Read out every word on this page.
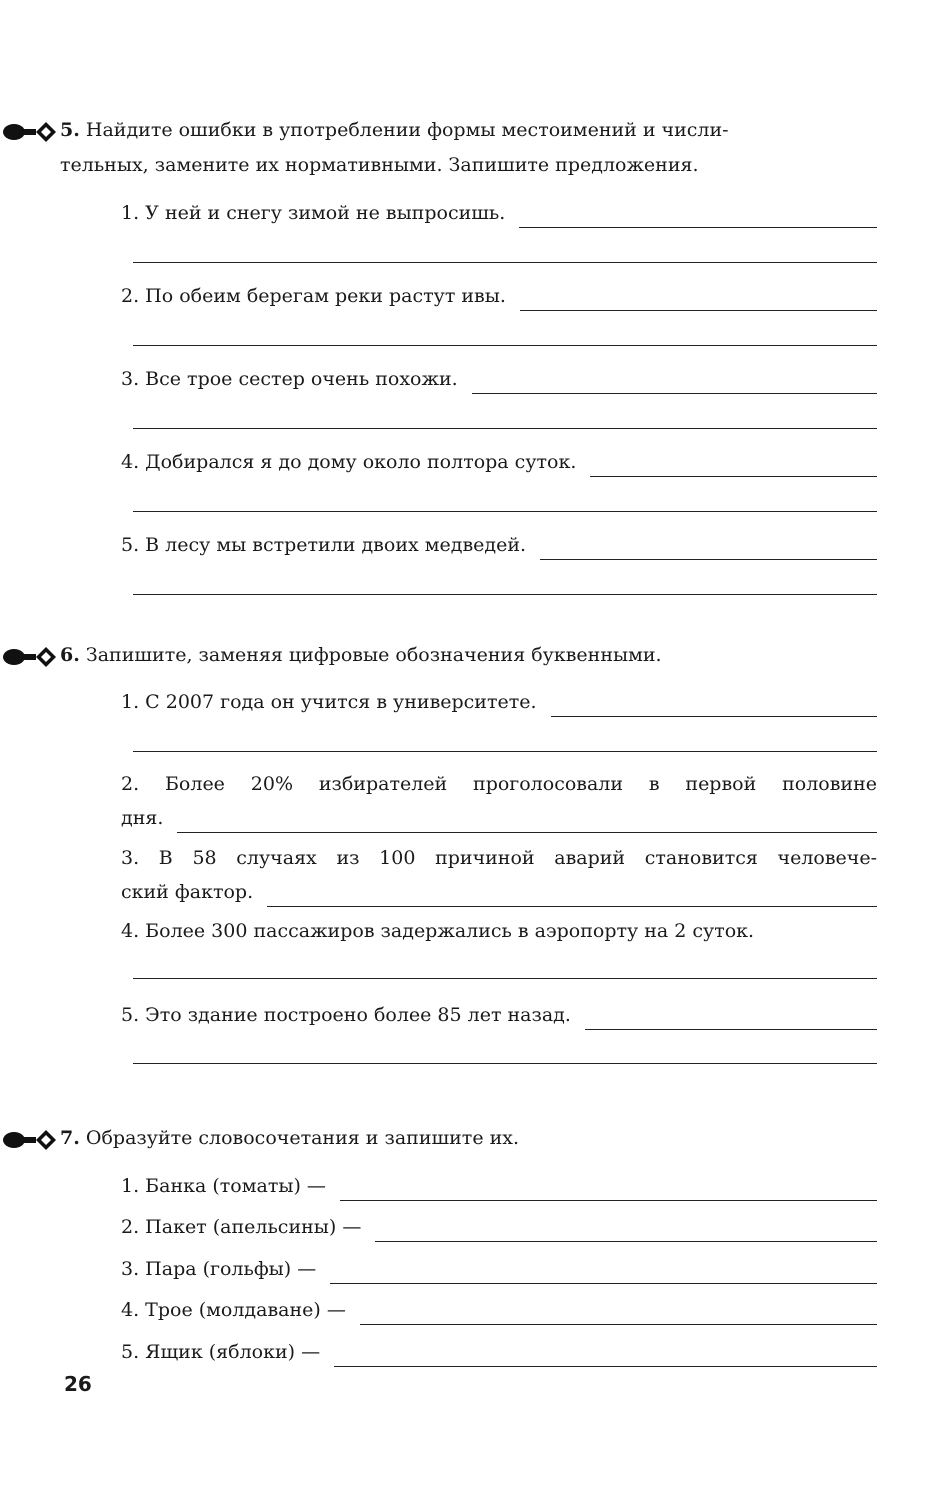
5. Найдите ошибки в употреблении формы местоимений и числи-
тельных, замените их нормативными. Запишите предложения.
1. У ней и снегу зимой не выпросишь.
2. По обеим берегам реки растут ивы.
3. Все трое сестер очень похожи.
4. Добирался я до дому около полтора суток.
5. В лесу мы встретили двоих медведей.
6. Запишите, заменяя цифровые обозначения буквенными.
1. С 2007 года он учится в университете.
2. Более 20% избирателей проголосовали в первой половине
дня.
3. В 58 случаях из 100 причиной аварий становится человече-
ский фактор.
4. Более 300 пассажиров задержались в аэропорту на 2 суток.
5. Это здание построено более 85 лет назад.
7. Образуйте словосочетания и запишите их.
1. Банка (томаты) —
2. Пакет (апельсины) —
3. Пара (гольфы) —
4. Трое (молдаване) —
5. Ящик (яблоки) —
26
